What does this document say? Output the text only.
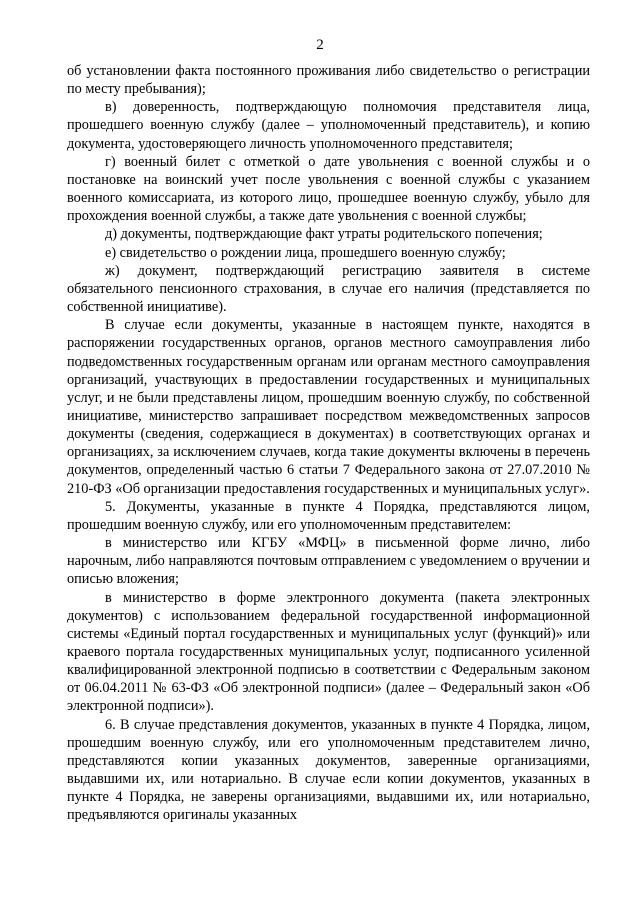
2

об установлении факта постоянного проживания либо свидетельство о регистрации по месту пребывания);

в) доверенность, подтверждающую полномочия представителя лица, прошедшего военную службу (далее – уполномоченный представитель), и копию документа, удостоверяющего личность уполномоченного представителя;

г) военный билет с отметкой о дате увольнения с военной службы и о постановке на воинский учет после увольнения с военной службы с указанием военного комиссариата, из которого лицо, прошедшее военную службу, убыло для прохождения военной службы, а также дате увольнения с военной службы;

д) документы, подтверждающие факт утраты родительского попечения;

е) свидетельство о рождении лица, прошедшего военную службу;

ж) документ, подтверждающий регистрацию заявителя в системе обязательного пенсионного страхования, в случае его наличия (представляется по собственной инициативе).

В случае если документы, указанные в настоящем пункте, находятся в распоряжении государственных органов, органов местного самоуправления либо подведомственных государственным органам или органам местного самоуправления организаций, участвующих в предоставлении государственных и муниципальных услуг, и не были представлены лицом, прошедшим военную службу, по собственной инициативе, министерство запрашивает посредством межведомственных запросов документы (сведения, содержащиеся в документах) в соответствующих органах и организациях, за исключением случаев, когда такие документы включены в перечень документов, определенный частью 6 статьи 7 Федерального закона от 27.07.2010 № 210-ФЗ «Об организации предоставления государственных и муниципальных услуг».

5. Документы, указанные в пункте 4 Порядка, представляются лицом, прошедшим военную службу, или его уполномоченным представителем:

в министерство или КГБУ «МФЦ» в письменной форме лично, либо нарочным, либо направляются почтовым отправлением с уведомлением о вручении и описью вложения;

в министерство в форме электронного документа (пакета электронных документов) с использованием федеральной государственной информационной системы «Единый портал государственных и муниципальных услуг (функций)» или краевого портала государственных муниципальных услуг, подписанного усиленной квалифицированной электронной подписью в соответствии с Федеральным законом от 06.04.2011 № 63-ФЗ «Об электронной подписи» (далее – Федеральный закон «Об электронной подписи»).

6. В случае представления документов, указанных в пункте 4 Порядка, лицом, прошедшим военную службу, или его уполномоченным представителем лично, представляются копии указанных документов, заверенные организациями, выдавшими их, или нотариально. В случае если копии документов, указанных в пункте 4 Порядка, не заверены организациями, выдавшими их, или нотариально, предъявляются оригиналы указанных
